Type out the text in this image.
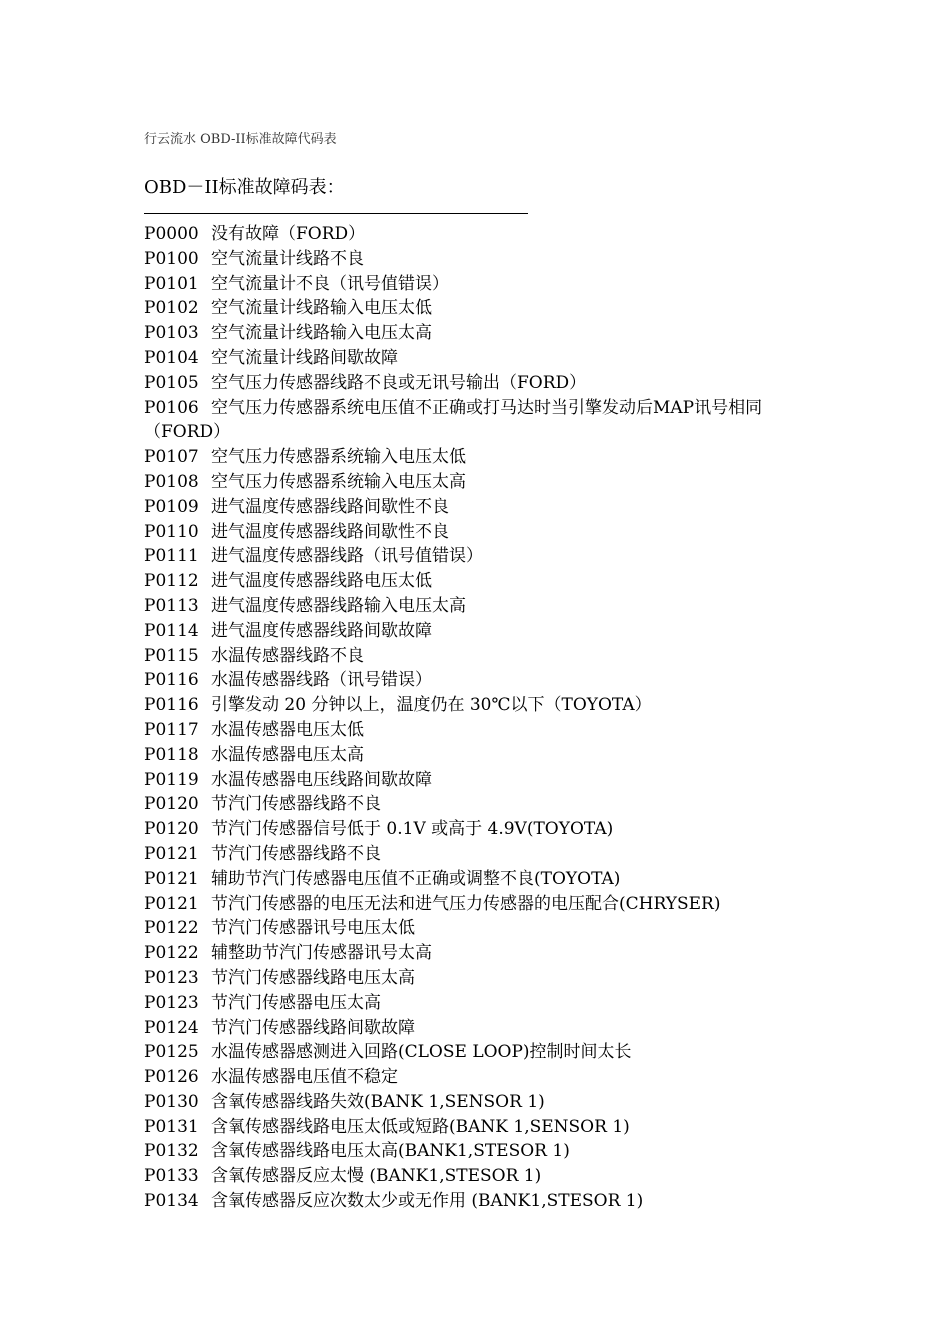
行云流水 OBD-II标准故障代码表
OBD－II标准故障码表：
P0000 没有故障（FORD）
P0100 空气流量计线路不良
P0101 空气流量计不良（讯号值错误）
P0102 空气流量计线路输入电压太低
P0103 空气流量计线路输入电压太高
P0104 空气流量计线路间歇故障
P0105 空气压力传感器线路不良或无讯号输出（FORD）
P0106 空气压力传感器系统电压值不正确或打马达时当引擎发动后MAP讯号相同（FORD）
P0107 空气压力传感器系统输入电压太低
P0108 空气压力传感器系统输入电压太高
P0109 进气温度传感器线路间歇性不良
P0110 进气温度传感器线路间歇性不良
P0111 进气温度传感器线路（讯号值错误）
P0112 进气温度传感器线路电压太低
P0113 进气温度传感器线路输入电压太高
P0114 进气温度传感器线路间歇故障
P0115 水温传感器线路不良
P0116 水温传感器线路（讯号错误）
P0116 引擎发动 20 分钟以上，温度仍在 30℃以下（TOYOTA）
P0117 水温传感器电压太低
P0118 水温传感器电压太高
P0119 水温传感器电压线路间歇故障
P0120 节汽门传感器线路不良
P0120 节汽门传感器信号低于 0.1V 或高于 4.9V(TOYOTA)
P0121 节汽门传感器线路不良
P0121 辅助节汽门传感器电压值不正确或调整不良(TOYOTA)
P0121 节汽门传感器的电压无法和进气压力传感器的电压配合(CHRYSER)
P0122 节汽门传感器讯号电压太低
P0122 辅整助节汽门传感器讯号太高
P0123 节汽门传感器线路电压太高
P0123 节汽门传感器电压太高
P0124 节汽门传感器线路间歇故障
P0125 水温传感器感测进入回路(CLOSE LOOP)控制时间太长
P0126 水温传感器电压值不稳定
P0130 含氧传感器线路失效(BANK 1,SENSOR 1)
P0131 含氧传感器线路电压太低或短路(BANK 1,SENSOR 1)
P0132 含氧传感器线路电压太高(BANK1,STESOR 1)
P0133 含氧传感器反应太慢 (BANK1,STESOR 1)
P0134 含氧传感器反应次数太少或无作用 (BANK1,STESOR 1)
